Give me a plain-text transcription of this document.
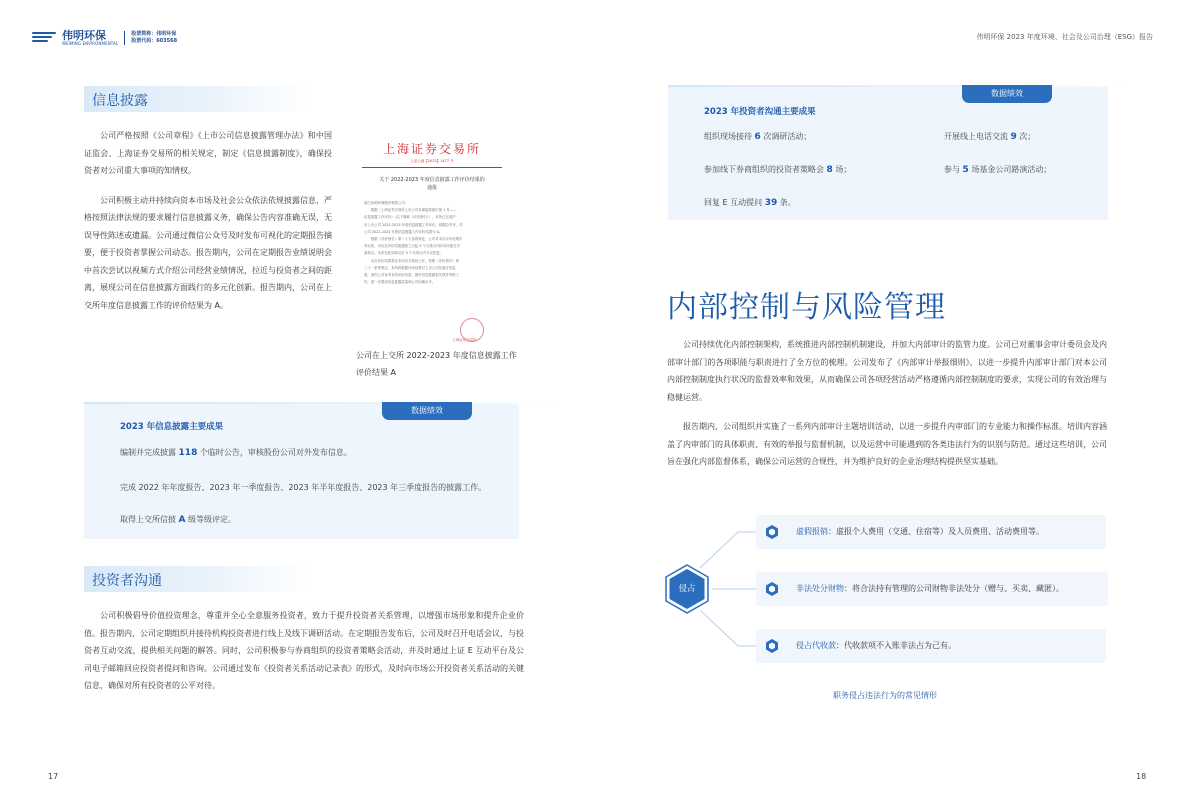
伟明环保
WEIMING ENVIRONMENTAL
股票简称：伟明环保
股票代码：603568	伟明环保 2023 年度环境、社会及公司治理（ESG）报告
信息披露

公司严格按照《公司章程》《上市公司信息披露管理办法》和中国证监会、上海证券交易所的相关规定，制定《信息披露制度》，确保投资者对公司重大事项的知情权。

公司积极主动并持续向资本市场及社会公众依法依规披露信息，严格按照法律法规的要求履行信息披露义务，确保公告内容准确无误，无误导性陈述或遗漏。公司通过微信公众号及时发布可视化的定期报告摘要，便于投资者掌握公司动态。报告期内，公司在定期报告业绩说明会中首次尝试以视频方式介绍公司经营业绩情况，拉近与投资者之间的距离，展现公司在信息披露方面践行的多元化创新。报告期内，公司在上交所年度信息披露工作的评价结果为 A。

上海证券交易所
上证公函【2023】1477 号
关于 2022-2023 年度信息披露工作评价结果的
通报
浙江伟明环保股份有限公司：
　　根据《上海证券交易所上市公司自律监管指引第 1 号——
信息披露工作评价》（以下简称《评价指引》），本所已完成沪
市上市公司 2022-2023 年度信息披露工作评价，根据总考评，你
公司 2022-2023 年度信息披露工作评价结果为 A。
　　根据《评价指引》第二十九条的规定，公司对本次评价结果有
异议的，可以在评价结果通知之日起 5 个交易日内向本所提交书
面异议。本所在收到异议后 5 个交易日内予以答复。
　　本次评价结果将在本所官方网站公开。按照《评价指引》第
三十一条等规定，本所将根据评价结果对上市公司实施分类监
管，请你公司参考本所评价结果，做好信息披露相关领导考核工
作，进一步提高信息披露质量和公司治理水平。
上海证券交易所
公司在上交所 2022-2023 年度信息披露工作评价结果 A
数据绩效
2023 年信息披露主要成果
编制并完成披露 118 个临时公告，审核股份公司对外发布信息。
完成 2022 年年度报告、2023 年一季度报告、2023 年半年度报告、2023 年三季度报告的披露工作。
取得上交所信披 A 级等级评定。
投资者沟通

公司积极倡导价值投资理念，尊重并全心全意服务投资者，致力于提升投资者关系管理，以增强市场形象和提升企业价值。报告期内，公司定期组织并接待机构投资者进行线上及线下调研活动。在定期报告发布后，公司及时召开电话会议，与投资者互动交流，提供相关问题的解答。同时，公司积极参与券商组织的投资者策略会活动，并及时通过上证 E 互动平台及公司电子邮箱回应投资者提问和咨询。公司通过发布《投资者关系活动记录表》的形式，及时向市场公开投资者关系活动的关键信息，确保对所有投资者的公平对待。

数据绩效
2023 年投资者沟通主要成果
组织现场接待 6 次调研活动；	开展线上电话交流 9 次；
参加线下券商组织的投资者策略会 8 场；	参与 5 场基金公司路演活动；
回复 E 互动提问 39 条。
内部控制与风险管理

公司持续优化内部控制架构，系统推进内部控制机制建设，并加大内部审计的监管力度。公司已对董事会审计委员会及内部审计部门的各项职能与职责进行了全方位的梳理。公司发布了《内部审计举报细则》，以进一步提升内部审计部门对本公司内部控制制度执行状况的监督效率和效果，从而确保公司各项经营活动严格遵循内部控制制度的要求，实现公司的有效治理与稳健运营。

报告期内，公司组织并实施了一系列内部审计主题培训活动，以进一步提升内审部门的专业能力和操作标准。培训内容涵盖了内审部门的具体职责、有效的举报与监督机制，以及运营中可能遇到的各类违法行为的识别与防范。通过这些培训，公司旨在强化内部监督体系，确保公司运营的合规性，并为维护良好的企业治理结构提供坚实基础。

侵占
虚假报销：虚报个人费用（交通、住宿等）及人员费用、活动费用等。
非法处分财物：将合法持有管理的公司财物非法处分（赠与、买卖、藏匿）。
侵占代收款：代收款项不入账非法占为己有。
职务侵占违法行为的常见情形
17	18
